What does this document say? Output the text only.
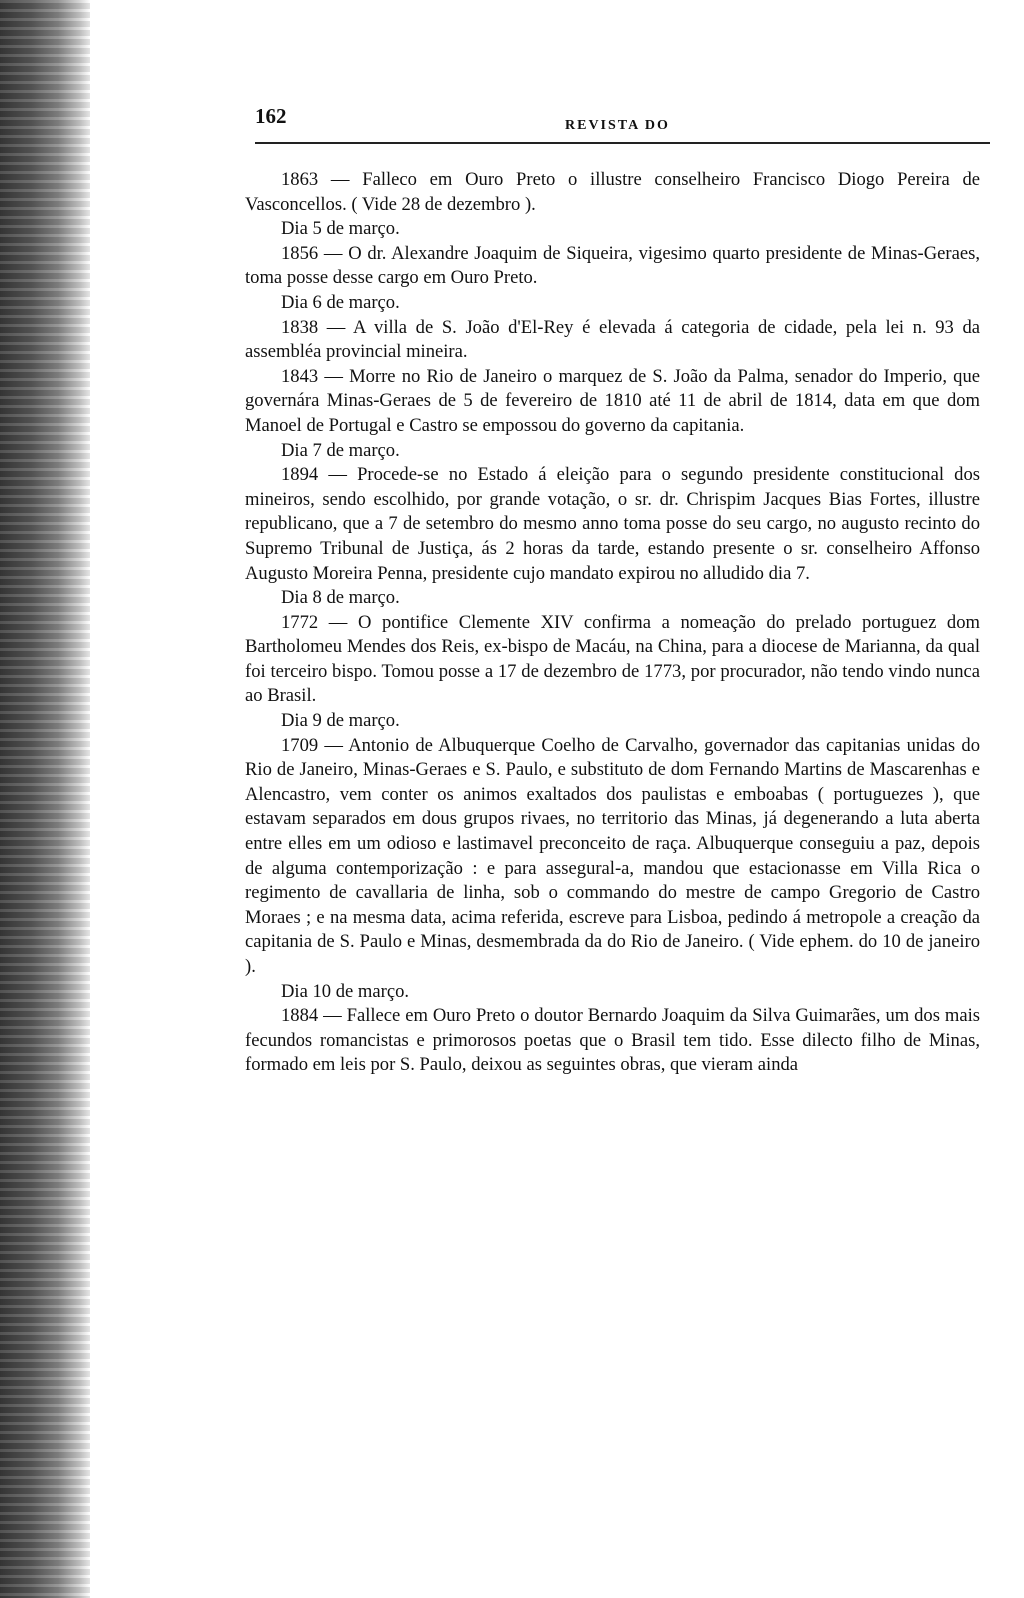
162	REVISTA DO

1863 — Falleco em Ouro Preto o illustre conselheiro Francisco Diogo Pereira de Vasconcellos. ( Vide 28 de dezembro ).

Dia 5 de março.

1856 — O dr. Alexandre Joaquim de Siqueira, vigesimo quarto presidente de Minas-Geraes, toma posse desse cargo em Ouro Preto.

Dia 6 de março.

1838 — A villa de S. João d'El-Rey é elevada á categoria de cidade, pela lei n. 93 da assembléa provincial mineira.

1843 — Morre no Rio de Janeiro o marquez de S. João da Palma, senador do Imperio, que governára Minas-Geraes de 5 de fevereiro de 1810 até 11 de abril de 1814, data em que dom Manoel de Portugal e Castro se empossou do governo da capitania.

Dia 7 de março.

1894 — Procede-se no Estado á eleição para o segundo presidente constitucional dos mineiros, sendo escolhido, por grande votação, o sr. dr. Chrispim Jacques Bias Fortes, illustre republicano, que a 7 de setembro do mesmo anno toma posse do seu cargo, no augusto recinto do Supremo Tribunal de Justiça, ás 2 horas da tarde, estando presente o sr. conselheiro Affonso Augusto Moreira Penna, presidente cujo mandato expirou no alludido dia 7.

Dia 8 de março.

1772 — O pontifice Clemente XIV confirma a nomeação do prelado portuguez dom Bartholomeu Mendes dos Reis, ex-bispo de Macáu, na China, para a diocese de Marianna, da qual foi terceiro bispo. Tomou posse a 17 de dezembro de 1773, por procurador, não tendo vindo nunca ao Brasil.

Dia 9 de março.

1709 — Antonio de Albuquerque Coelho de Carvalho, governador das capitanias unidas do Rio de Janeiro, Minas-Geraes e S. Paulo, e substituto de dom Fernando Martins de Mascarenhas e Alencastro, vem conter os animos exaltados dos paulistas e emboabas ( portuguezes ), que estavam separados em dous grupos rivaes, no territorio das Minas, já degenerando a luta aberta entre elles em um odioso e lastimavel preconceito de raça. Albuquerque conseguiu a paz, depois de alguma contemporização : e para assegural-a, mandou que estacionasse em Villa Rica o regimento de cavallaria de linha, sob o commando do mestre de campo Gregorio de Castro Moraes ; e na mesma data, acima referida, escreve para Lisboa, pedindo á metropole a creação da capitania de S. Paulo e Minas, desmembrada da do Rio de Janeiro. ( Vide ephem. do 10 de janeiro ).

Dia 10 de março.

1884 — Fallece em Ouro Preto o doutor Bernardo Joaquim da Silva Guimarães, um dos mais fecundos romancistas e primorosos poetas que o Brasil tem tido. Esse dilecto filho de Minas, formado em leis por S. Paulo, deixou as seguintes obras, que vieram ainda
